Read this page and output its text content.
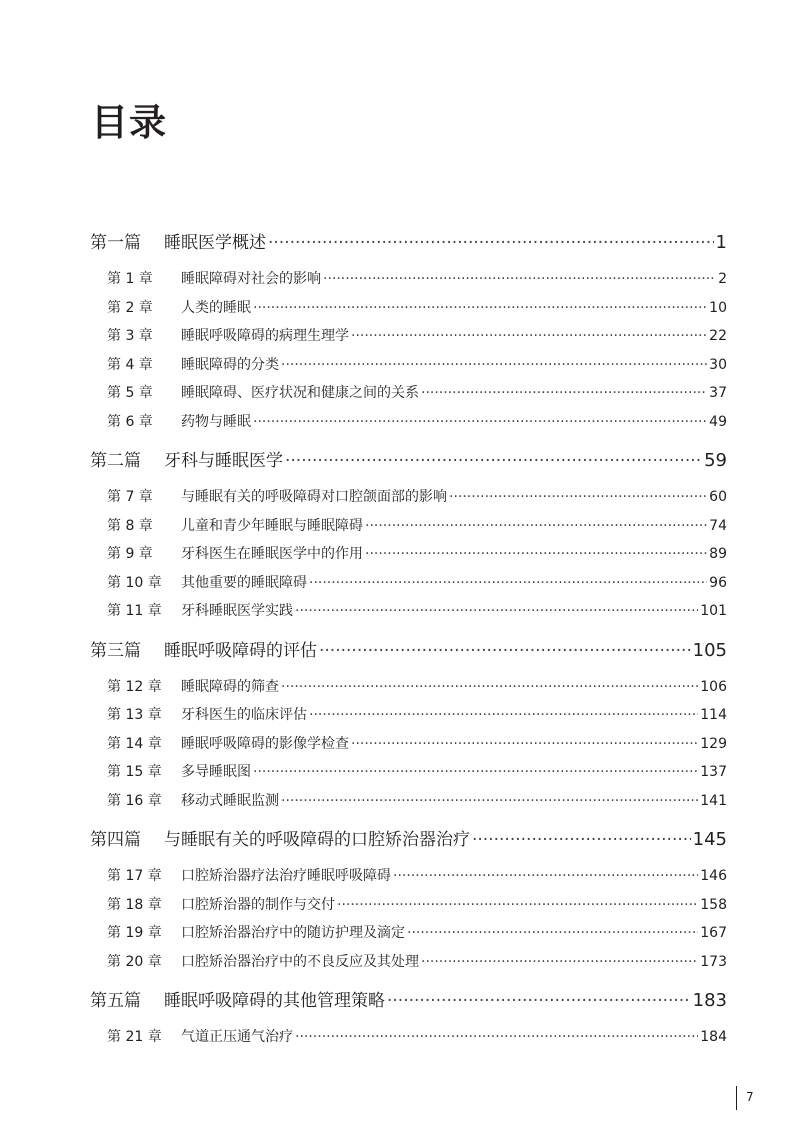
目录
第一篇	睡眠医学概述 ·····	1
第 1 章	睡眠障碍对社会的影响 ·····	2
第 2 章	人类的睡眠 ·····	10
第 3 章	睡眠呼吸障碍的病理生理学 ·····	22
第 4 章	睡眠障碍的分类 ·····	30
第 5 章	睡眠障碍、医疗状况和健康之间的关系 ·····	37
第 6 章	药物与睡眠 ·····	49
第二篇	牙科与睡眠医学 ·····	59
第 7 章	与睡眠有关的呼吸障碍对口腔颌面部的影响 ·····	60
第 8 章	儿童和青少年睡眠与睡眠障碍 ·····	74
第 9 章	牙科医生在睡眠医学中的作用 ·····	89
第 10 章	其他重要的睡眠障碍 ·····	96
第 11 章	牙科睡眠医学实践 ·····	101
第三篇	睡眠呼吸障碍的评估 ·····	105
第 12 章	睡眠障碍的筛查 ·····	106
第 13 章	牙科医生的临床评估 ·····	114
第 14 章	睡眠呼吸障碍的影像学检查 ·····	129
第 15 章	多导睡眠图 ·····	137
第 16 章	移动式睡眠监测 ·····	141
第四篇	与睡眠有关的呼吸障碍的口腔矫治器治疗 ·····	145
第 17 章	口腔矫治器疗法治疗睡眠呼吸障碍 ·····	146
第 18 章	口腔矫治器的制作与交付 ·····	158
第 19 章	口腔矫治器治疗中的随访护理及滴定 ·····	167
第 20 章	口腔矫治器治疗中的不良反应及其处理 ·····	173
第五篇	睡眠呼吸障碍的其他管理策略 ·····	183
第 21 章	气道正压通气治疗 ·····	184
7
